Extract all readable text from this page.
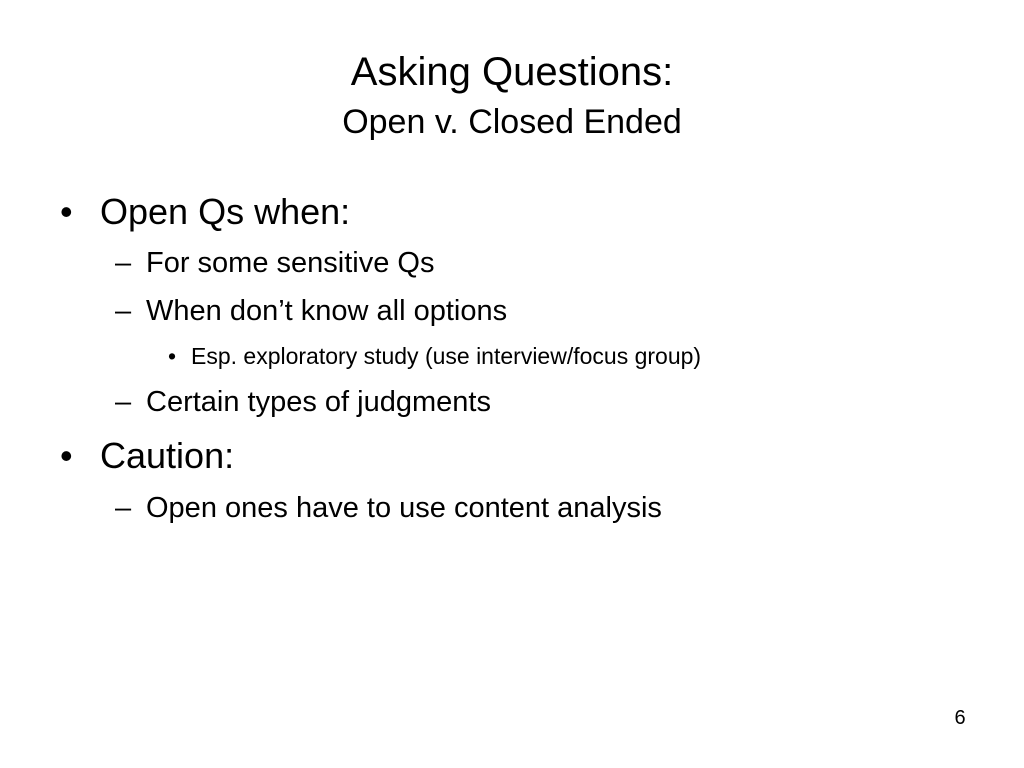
Asking Questions:
Open v. Closed Ended
• Open Qs when:
– For some sensitive Qs
– When don’t know all options
• Esp. exploratory study (use interview/focus group)
– Certain types of judgments
• Caution:
– Open ones have to use content analysis
6
